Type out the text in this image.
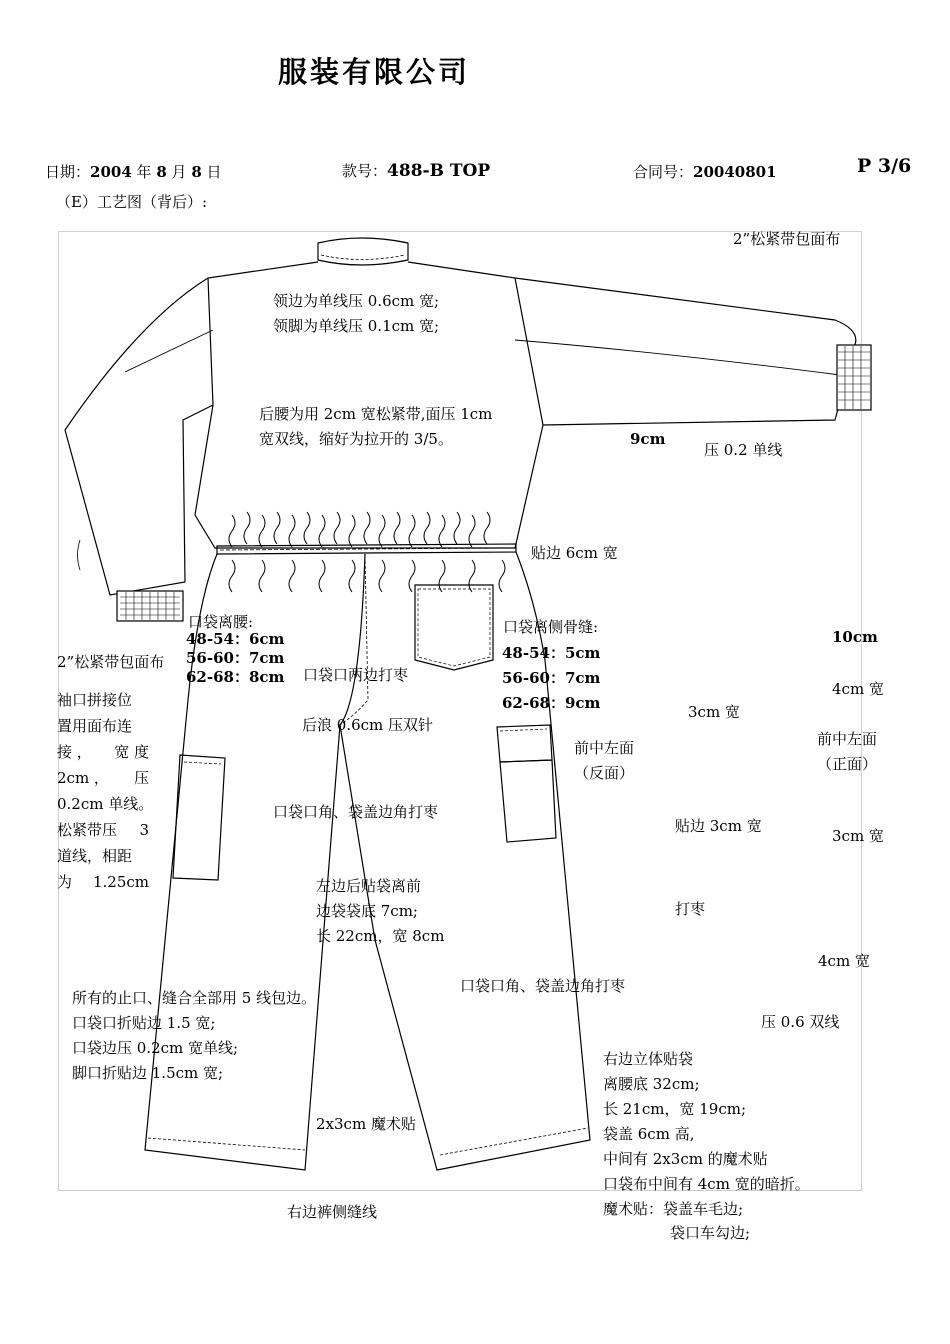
服装有限公司
日期：2004 年 8 月 8 日	款号：488-B TOP	合同号：20040801	P 3/6
（E）工艺图（背后）:
2”松紧带包面布
领边为单线压 0.6cm 宽;
领脚为单线压 0.1cm 宽;
后腰为用 2cm 宽松紧带,面压 1cm
宽双线，缩好为拉开的 3/5。	9cm
压 0.2 单线
贴边 6cm 宽
口袋离腰:
48-54：6cm
56-60：7cm
62-68：8cm
口袋离侧骨缝:
48-54：5cm
56-60：7cm
62-68：9cm
10cm
4cm 宽
3cm 宽
前中左面
（反面）
前中左面
（正面）
2”松紧带包面布
袖口拼接位
置用面布连
接 ， 宽 度
2cm ， 压
0.2cm 单线。
松紧带压 3
道线，相距
为 1.25cm
口袋口两边打枣
后浪 0.6cm 压双针
口袋口角、袋盖边角打枣
贴边 3cm 宽
3cm 宽
左边后贴袋离前
边袋袋底 7cm;
长 22cm，宽 8cm
打枣
4cm 宽
口袋口角、袋盖边角打枣
所有的止口、缝合全部用 5 线包边。
口袋口折贴边 1.5 宽;
口袋边压 0.2cm 宽单线;
脚口折贴边 1.5cm 宽;
压 0.6 双线
右边立体贴袋
离腰底 32cm;
长 21cm，宽 19cm;
袋盖 6cm 高,
中间有 2x3cm 的魔术贴
口袋布中间有 4cm 宽的暗折。
魔术贴：袋盖车毛边;
袋口车勾边;
2x3cm 魔术贴
右边裤侧缝线
